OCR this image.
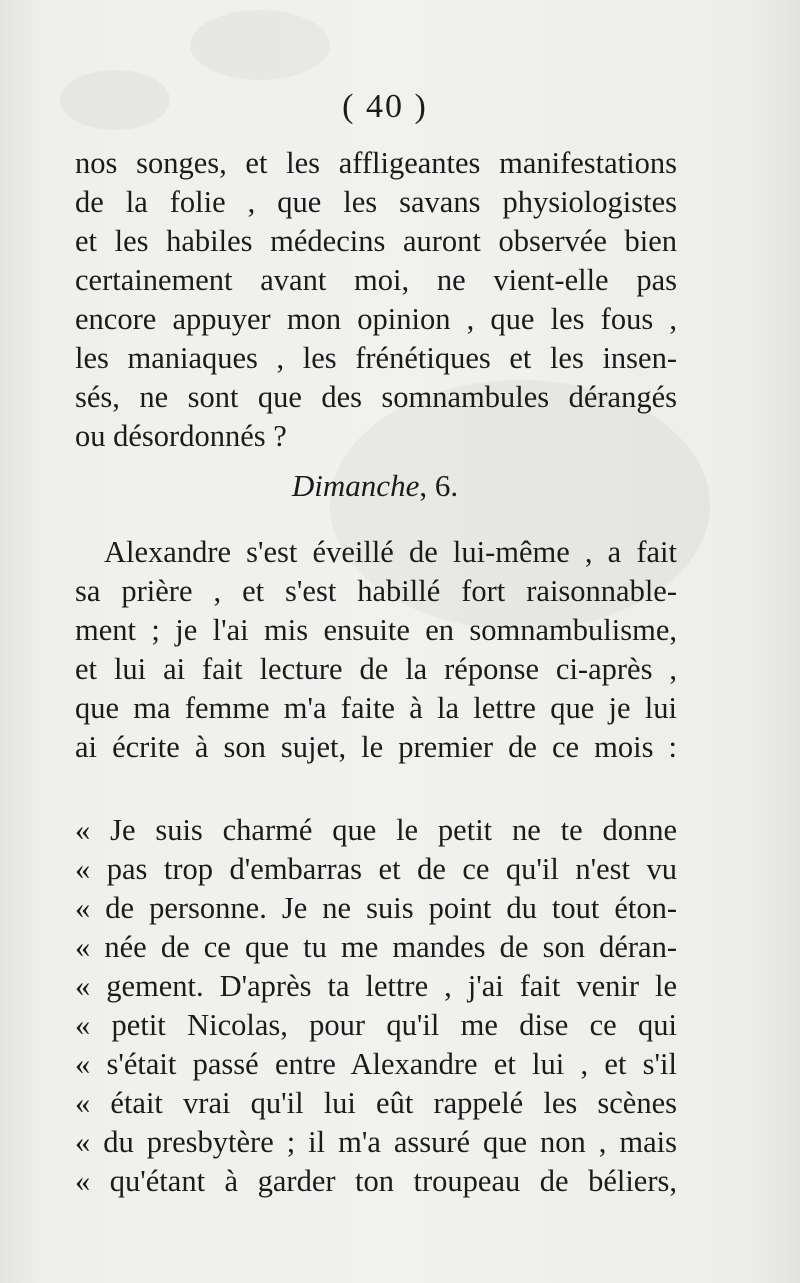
( 40 )
nos songes, et les affligeantes manifestations
de la folie , que les savans physiologistes
et les habiles médecins auront observée bien
certainement avant moi, ne vient-elle pas
encore appuyer mon opinion , que les fous ,
les maniaques , les frénétiques et les insen-
sés, ne sont que des somnambules dérangés
ou désordonnés ?
Dimanche, 6.
Alexandre s'est éveillé de lui-même , a fait
sa prière , et s'est habillé fort raisonnable-
ment ; je l'ai mis ensuite en somnambulisme,
et lui ai fait lecture de la réponse ci-après ,
que ma femme m'a faite à la lettre que je lui
ai écrite à son sujet, le premier de ce mois :
« Je suis charmé que le petit ne te donne
« pas trop d'embarras et de ce qu'il n'est vu
« de personne. Je ne suis point du tout éton-
« née de ce que tu me mandes de son déran-
« gement. D'après ta lettre , j'ai fait venir le
« petit Nicolas, pour qu'il me dise ce qui
« s'était passé entre Alexandre et lui , et s'il
« était vrai qu'il lui eût rappelé les scènes
« du presbytère ; il m'a assuré que non , mais
« qu'étant à garder ton troupeau de béliers,
